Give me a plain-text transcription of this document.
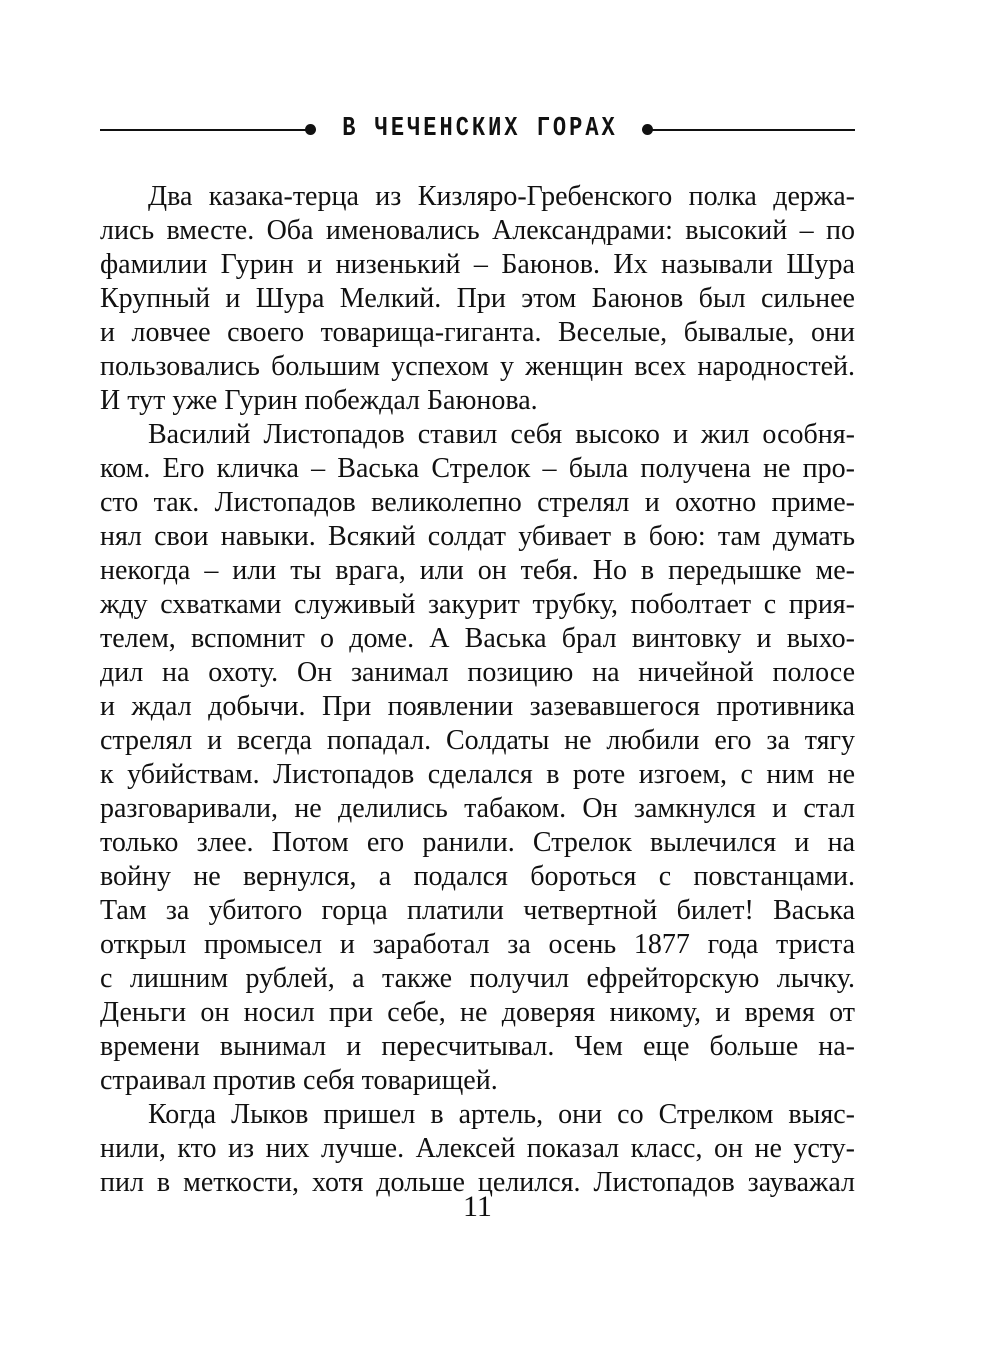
В ЧЕЧЕНСКИХ ГОРАХ
Два казака-терца из Кизляро-Гребенского полка держа-
лись вместе. Оба именовались Александрами: высокий – по
фамилии Гурин и низенький – Баюнов. Их называли Шура
Крупный и Шура Мелкий. При этом Баюнов был сильнее
и ловчее своего товарища-гиганта. Веселые, бывалые, они
пользовались большим успехом у женщин всех народностей.
И тут уже Гурин побеждал Баюнова.
Василий Листопадов ставил себя высоко и жил особня-
ком. Его кличка – Васька Стрелок – была получена не про-
сто так. Листопадов великолепно стрелял и охотно приме-
нял свои навыки. Всякий солдат убивает в бою: там думать
некогда – или ты врага, или он тебя. Но в передышке ме-
жду схватками служивый закурит трубку, поболтает с прия-
телем, вспомнит о доме. А Васька брал винтовку и выхо-
дил на охоту. Он занимал позицию на ничейной полосе
и ждал добычи. При появлении зазевавшегося противника
стрелял и всегда попадал. Солдаты не любили его за тягу
к убийствам. Листопадов сделался в роте изгоем, с ним не
разговаривали, не делились табаком. Он замкнулся и стал
только злее. Потом его ранили. Стрелок вылечился и на
войну не вернулся, а подался бороться с повстанцами.
Там за убитого горца платили четвертной билет! Васька
открыл промысел и заработал за осень 1877 года триста
с лишним рублей, а также получил ефрейторскую лычку.
Деньги он носил при себе, не доверяя никому, и время от
времени вынимал и пересчитывал. Чем еще больше на-
страивал против себя товарищей.
Когда Лыков пришел в артель, они со Стрелком выяс-
нили, кто из них лучше. Алексей показал класс, он не усту-
пил в меткости, хотя дольше целился. Листопадов зауважал
11
